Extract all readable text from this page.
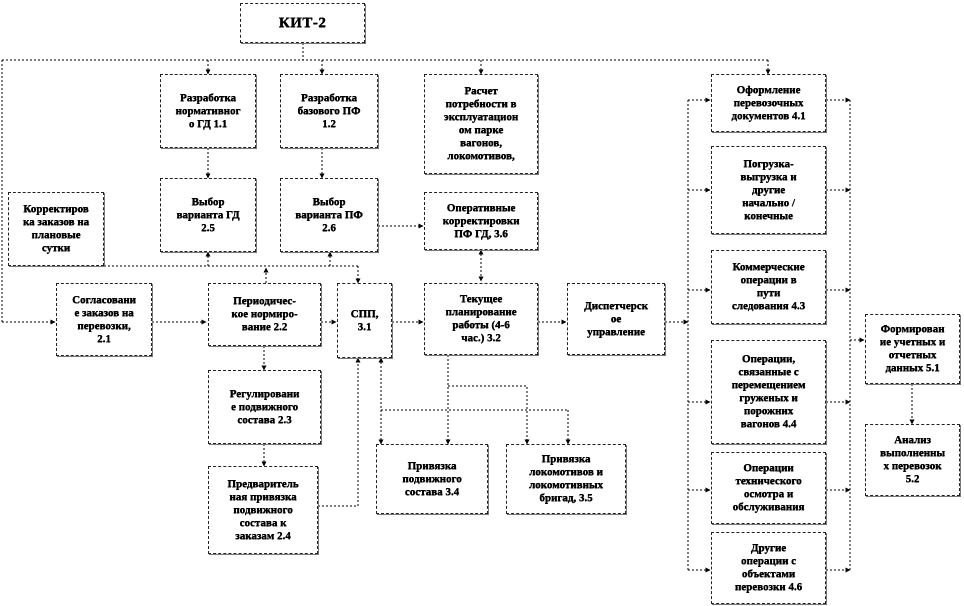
КИТ-2
Разработка
нормативног
о ГД 1.1
Разработка
базового ПФ
1.2
Расчет
потребности в
эксплуатацион
ом парке
вагонов,
локомотивов,
Выбор
варианта ГД
2.5
Выбор
варианта ПФ
2.6
Корректиров
ка заказов на
плановые
сутки
Оперативные
корректировки
ПФ ГД, 3.6
Согласовани
е заказов на
перевозки,
2.1
Периодичес-
кое нормиро-
вание 2.2
СПП,
3.1
Текущее
планирование
работы (4-6
час.) 3.2
Диспетчерск
ое
управление
Регулировани
е подвижного
состава 2.3
Предваритель
ная привязка
подвижного
состава к
заказам 2.4
Привязка
подвижного
состава 3.4
Привязка
локомотивов и
локомотивных
бригад, 3.5
Оформление
перевозочных
документов 4.1
Погрузка-
выгрузка и
другие
начально /
конечные
Коммерческие
операции в
пути
следования 4.3
Операции,
связанные с
перемещением
груженых и
порожних
вагонов 4.4
Операции
технического
осмотра и
обслуживания
Другие
операции с
объектами
перевозки 4.6
Формирован
ие учетных и
отчетных
данных 5.1
Анализ
выполненны
х перевозок
5.2
